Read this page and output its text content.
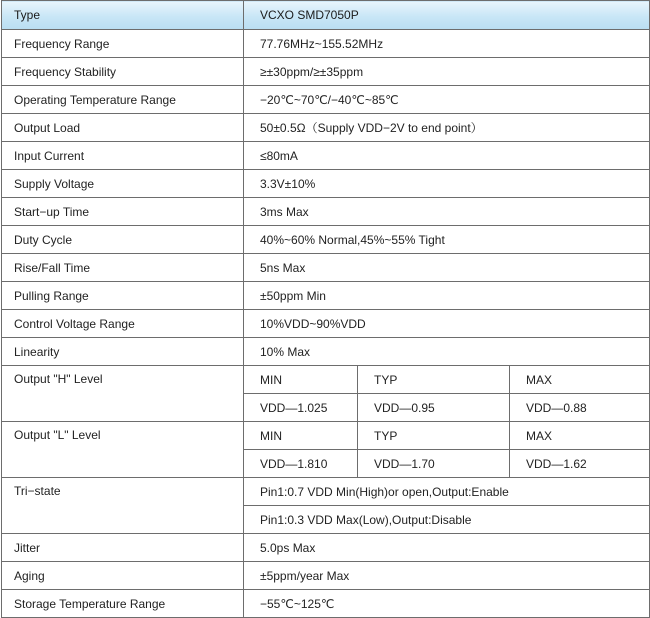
Type	VCXO SMD7050P		
Frequency Range	77.76MHz~155.52MHz		
Frequency Stability	≥±30ppm/≥±35ppm		
Operating Temperature Range	−20℃~70℃/−40℃~85℃		
Output Load	50±0.5Ω（Supply VDD−2V to end point）		
Input Current	≤80mA		
Supply Voltage	3.3V±10%		
Start−up Time	3ms Max		
Duty Cycle	40%~60% Normal,45%~55% Tight		
Rise/Fall Time	5ns Max		
Pulling Range	±50ppm Min		
Control Voltage Range	10%VDD~90%VDD		
Linearity	10% Max		
Output "H" Level	MIN	TYP	MAX
	VDD—1.025	VDD—0.95	VDD—0.88
Output "L" Level	MIN	TYP	MAX
	VDD—1.810	VDD—1.70	VDD—1.62
Tri−state	Pin1:0.7 VDD Min(High)or open,Output:Enable		
	Pin1:0.3 VDD Max(Low),Output:Disable		
Jitter	5.0ps Max		
Aging	±5ppm/year Max		
Storage Temperature Range	−55℃~125℃		
